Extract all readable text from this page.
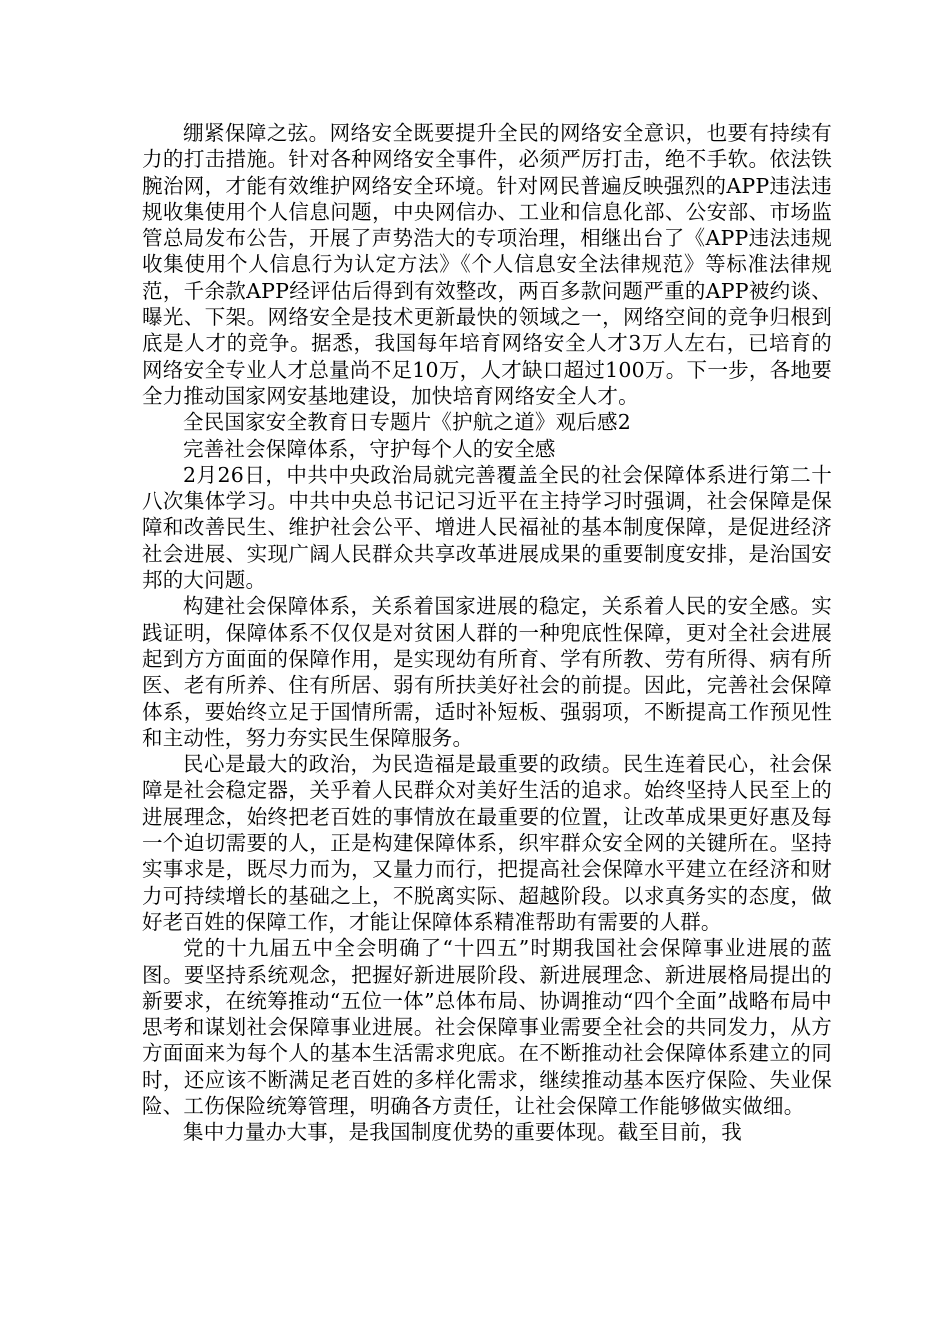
绷紧保障之弦。网络安全既要提升全民的网络安全意识，也要有持续有力的打击措施。针对各种网络安全事件，必须严厉打击，绝不手软。依法铁腕治网，才能有效维护网络安全环境。针对网民普遍反映强烈的APP违法违规收集使用个人信息问题，中央网信办、工业和信息化部、公安部、市场监管总局发布公告，开展了声势浩大的专项治理，相继出台了《APP违法违规收集使用个人信息行为认定方法》《个人信息安全法律规范》等标准法律规范，千余款APP经评估后得到有效整改，两百多款问题严重的APP被约谈、曝光、下架。网络安全是技术更新最快的领域之一，网络空间的竞争归根到底是人才的竞争。据悉，我国每年培育网络安全人才3万人左右，已培育的网络安全专业人才总量尚不足10万，人才缺口超过100万。下一步，各地要全力推动国家网安基地建设，加快培育网络安全人才。

全民国家安全教育日专题片《护航之道》观后感2

完善社会保障体系，守护每个人的安全感

2月26日，中共中央政治局就完善覆盖全民的社会保障体系进行第二十八次集体学习。中共中央总书记记习近平在主持学习时强调，社会保障是保障和改善民生、维护社会公平、增进人民福祉的基本制度保障，是促进经济社会进展、实现广阔人民群众共享改革进展成果的重要制度安排，是治国安邦的大问题。

构建社会保障体系，关系着国家进展的稳定，关系着人民的安全感。实践证明，保障体系不仅仅是对贫困人群的一种兜底性保障，更对全社会进展起到方方面面的保障作用，是实现幼有所育、学有所教、劳有所得、病有所医、老有所养、住有所居、弱有所扶美好社会的前提。因此，完善社会保障体系，要始终立足于国情所需，适时补短板、强弱项，不断提高工作预见性和主动性，努力夯实民生保障服务。

民心是最大的政治，为民造福是最重要的政绩。民生连着民心，社会保障是社会稳定器，关乎着人民群众对美好生活的追求。始终坚持人民至上的进展理念，始终把老百姓的事情放在最重要的位置，让改革成果更好惠及每一个迫切需要的人，正是构建保障体系，织牢群众安全网的关键所在。坚持实事求是，既尽力而为，又量力而行，把提高社会保障水平建立在经济和财力可持续增长的基础之上，不脱离实际、超越阶段。以求真务实的态度，做好老百姓的保障工作，才能让保障体系精准帮助有需要的人群。

党的十九届五中全会明确了“十四五”时期我国社会保障事业进展的蓝图。要坚持系统观念，把握好新进展阶段、新进展理念、新进展格局提出的新要求，在统筹推动“五位一体”总体布局、协调推动“四个全面”战略布局中思考和谋划社会保障事业进展。社会保障事业需要全社会的共同发力，从方方面面来为每个人的基本生活需求兜底。在不断推动社会保障体系建立的同时，还应该不断满足老百姓的多样化需求，继续推动基本医疗保险、失业保险、工伤保险统筹管理，明确各方责任，让社会保障工作能够做实做细。

集中力量办大事，是我国制度优势的重要体现。截至目前，我
